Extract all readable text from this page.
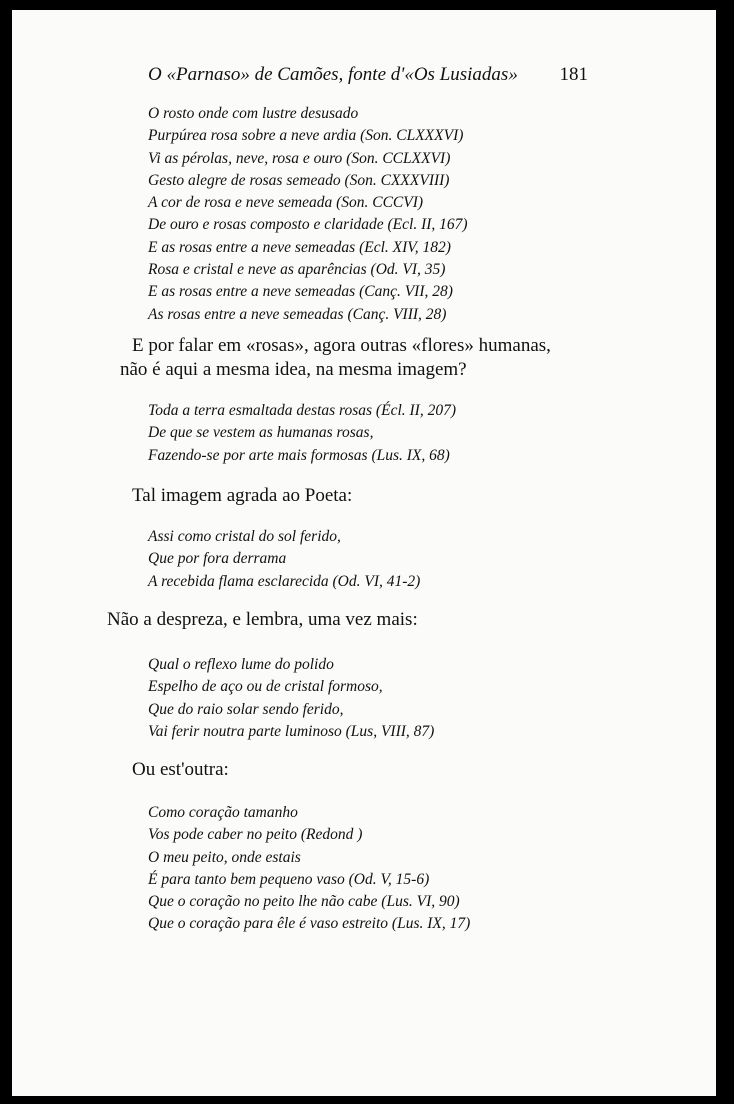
O «Parnaso» de Camões, fonte d'«Os Lusiadas» 181
O rosto onde com lustre desusado
Purpúrea rosa sobre a neve ardia (Son. CLXXXVI)
Vi as pérolas, neve, rosa e ouro (Son. CCLXXVI)
Gesto alegre de rosas semeado (Son. CXXXVIII)
A cor de rosa e neve semeada (Son. CCCVI)
De ouro e rosas composto e claridade (Ecl. II, 167)
E as rosas entre a neve semeadas (Ecl. XIV, 182)
Rosa e cristal e neve as aparências (Od. VI, 35)
E as rosas entre a neve semeadas (Canç. VII, 28)
As rosas entre a neve semeadas (Canç. VIII, 28)
E por falar em «rosas», agora outras «flores» humanas,
não é aqui a mesma idea, na mesma imagem?
Toda a terra esmaltada destas rosas (Écl. II, 207)
De que se vestem as humanas rosas,
Fazendo-se por arte mais formosas (Lus. IX, 68)
Tal imagem agrada ao Poeta:
Assi como cristal do sol ferido,
Que por fora derrama
A recebida flama esclarecida (Od. VI, 41-2)
Não a despreza, e lembra, uma vez mais:
Qual o reflexo lume do polido
Espelho de aço ou de cristal formoso,
Que do raio solar sendo ferido,
Vai ferir noutra parte luminoso (Lus, VIII, 87)
Ou est'outra:
Como coração tamanho
Vos pode caber no peito (Redond )
O meu peito, onde estais
É para tanto bem pequeno vaso (Od. V, 15-6)
Que o coração no peito lhe não cabe (Lus. VI, 90)
Que o coração para êle é vaso estreito (Lus. IX, 17)
